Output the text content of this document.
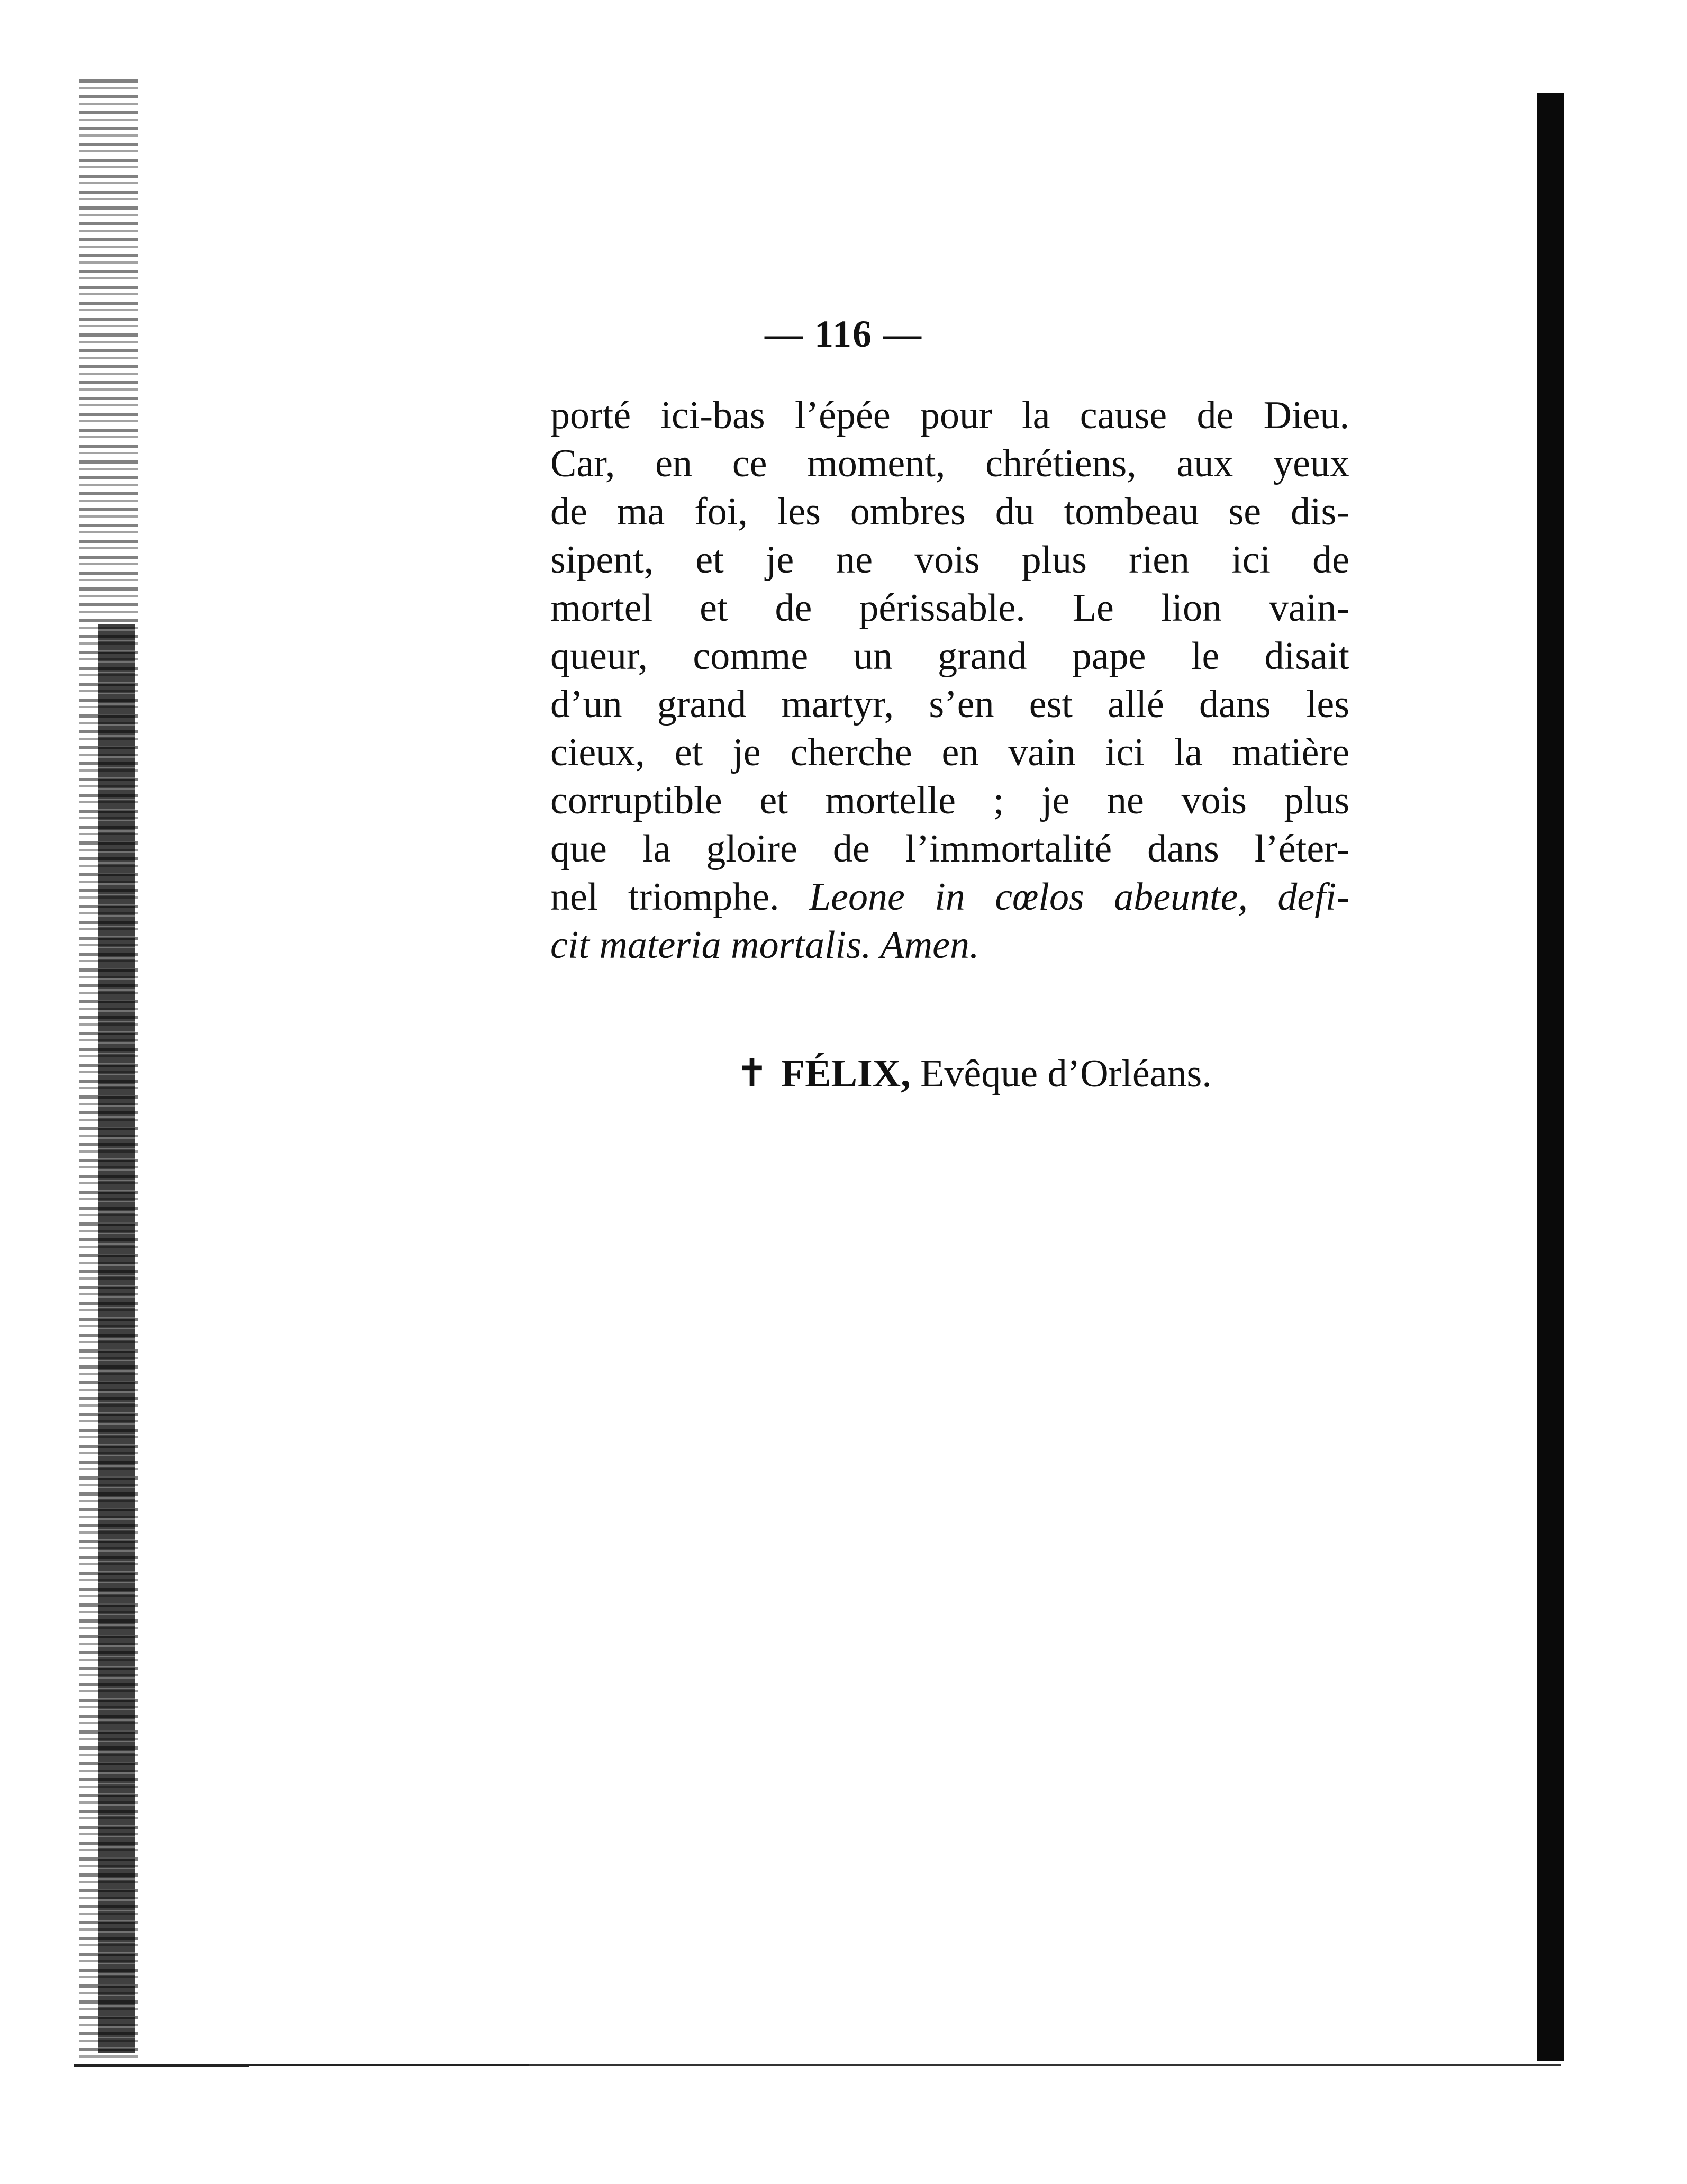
— 116 —
porté ici-bas l’épée pour la cause de Dieu.
Car, en ce moment, chrétiens, aux yeux
de ma foi, les ombres du tombeau se dis-
sipent, et je ne vois plus rien ici de
mortel et de périssable. Le lion vain-
queur, comme un grand pape le disait
d’un grand martyr, s’en est allé dans les
cieux, et je cherche en vain ici la matière
corruptible et mortelle ; je ne vois plus
que la gloire de l’immortalité dans l’éter-
nel triomphe. Leone in cœlos abeunte, defi-
cit materia mortalis. Amen.
✝ FÉLIX, Evêque d’Orléans.
